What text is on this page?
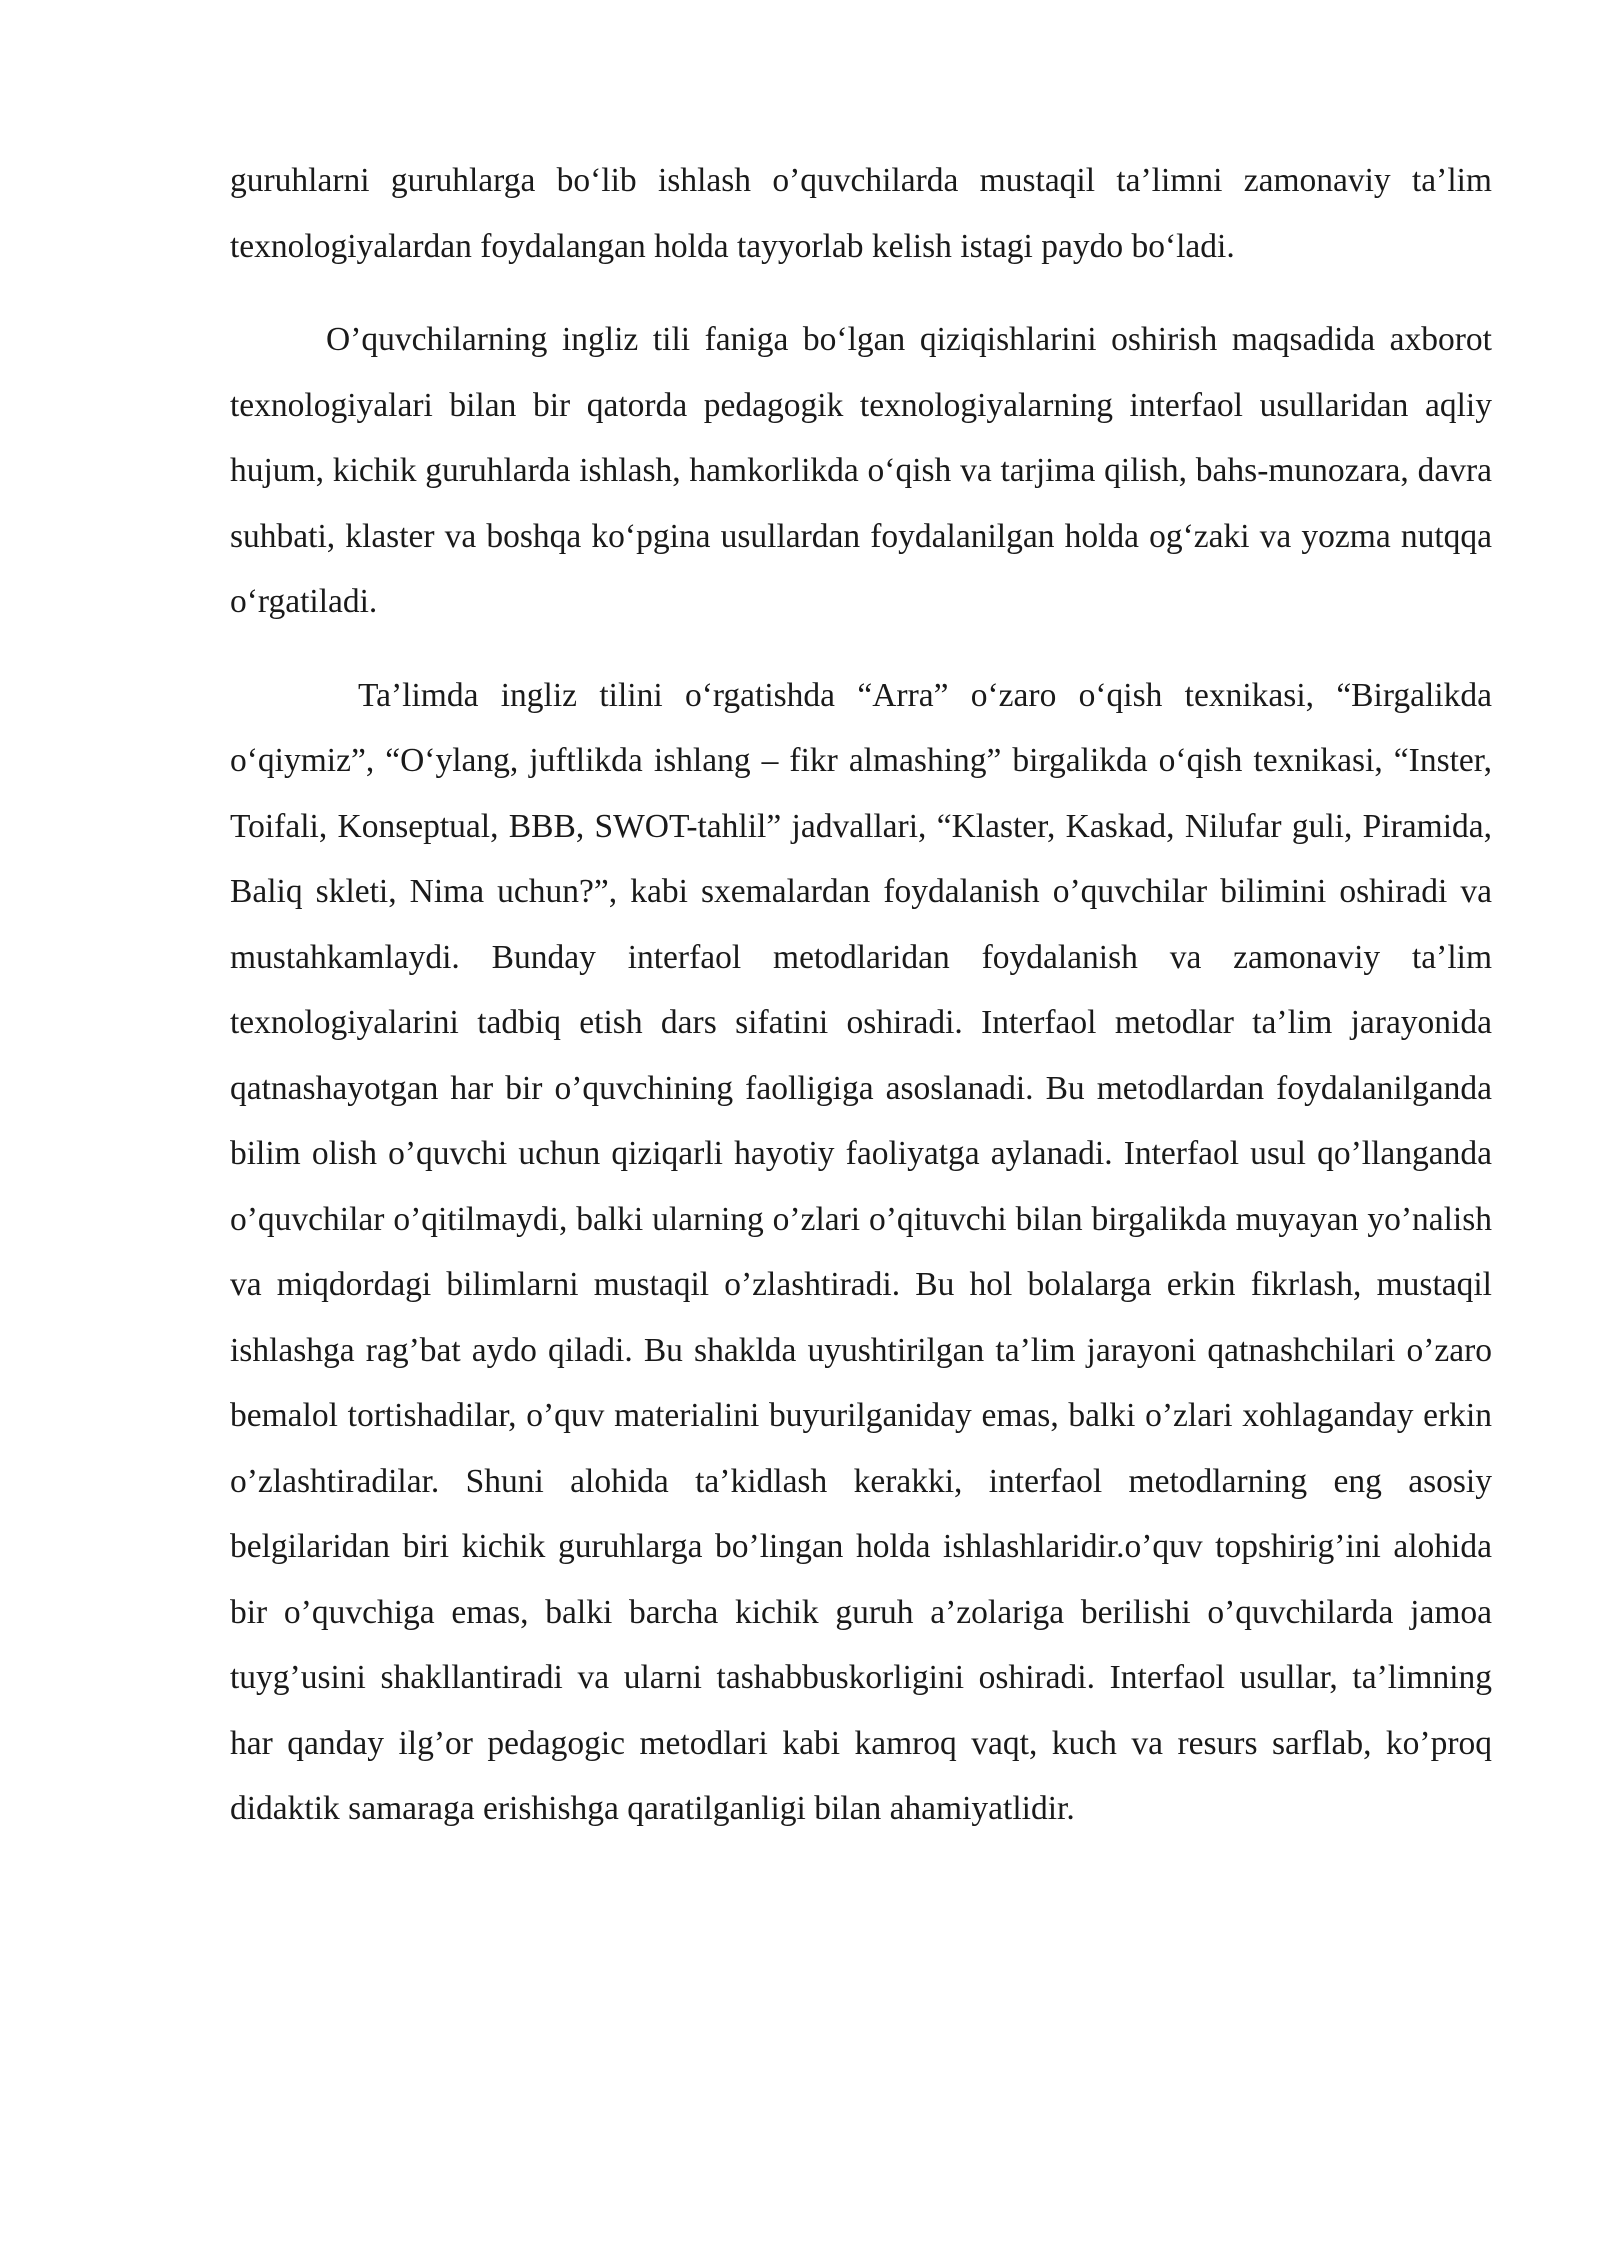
guruhlarni guruhlarga bo‘lib ishlash o’quvchilarda mustaqil ta’limni zamonaviy ta’lim texnologiyalardan foydalangan holda tayyorlab kelish istagi paydo bo‘ladi.

O’quvchilarning ingliz tili faniga bo‘lgan qiziqishlarini oshirish maqsadida axborot texnologiyalari bilan bir qatorda pedagogik texnologiyalarning interfaol usullaridan aqliy hujum, kichik guruhlarda ishlash, hamkorlikda o‘qish va tarjima qilish, bahs-munozara, davra suhbati, klaster va boshqa ko‘pgina usullardan foydalanilgan holda og‘zaki va yozma nutqqa o‘rgatiladi.

Ta’limda ingliz tilini o‘rgatishda “Arra” o‘zaro o‘qish texnikasi, “Birgalikda o‘qiymiz”, “O‘ylang, juftlikda ishlang – fikr almashing” birgalikda o‘qish texnikasi, “Inster, Toifali, Konseptual, BBB, SWOT-tahlil” jadvallari, “Klaster, Kaskad, Nilufar guli, Piramida, Baliq skleti, Nima uchun?”, kabi sxemalardan foydalanish o’quvchilar bilimini oshiradi va mustahkamlaydi. Bunday interfaol metodlaridan foydalanish va zamonaviy ta’lim texnologiyalarini tadbiq etish dars sifatini oshiradi. Interfaol metodlar ta’lim jarayonida qatnashayotgan har bir o’quvchining faolligiga asoslanadi. Bu metodlardan foydalanilganda bilim olish o’quvchi uchun qiziqarli hayotiy faoliyatga aylanadi. Interfaol usul qo’llanganda o’quvchilar o’qitilmaydi, balki ularning o’zlari o’qituvchi bilan birgalikda muyayan yo’nalish va miqdordagi bilimlarni mustaqil o’zlashtiradi. Bu hol bolalarga erkin fikrlash, mustaqil ishlashga rag’bat aydo qiladi. Bu shaklda uyushtirilgan ta’lim jarayoni qatnashchilari o’zaro bemalol tortishadilar, o’quv materialini buyurilganiday emas, balki o’zlari xohlaganday erkin o’zlashtiradilar. Shuni alohida ta’kidlash kerakki, interfaol metodlarning eng asosiy belgilaridan biri kichik guruhlarga bo’lingan holda ishlashlaridir.o’quv topshirig’ini alohida bir o’quvchiga emas, balki barcha kichik guruh a’zolariga berilishi o’quvchilarda jamoa tuyg’usini shakllantiradi va ularni tashabbuskorligini oshiradi. Interfaol usullar, ta’limning har qanday ilg’or pedagogic metodlari kabi kamroq vaqt, kuch va resurs sarflab, ko’proq didaktik samaraga erishishga qaratilganligi bilan ahamiyatlidir.
